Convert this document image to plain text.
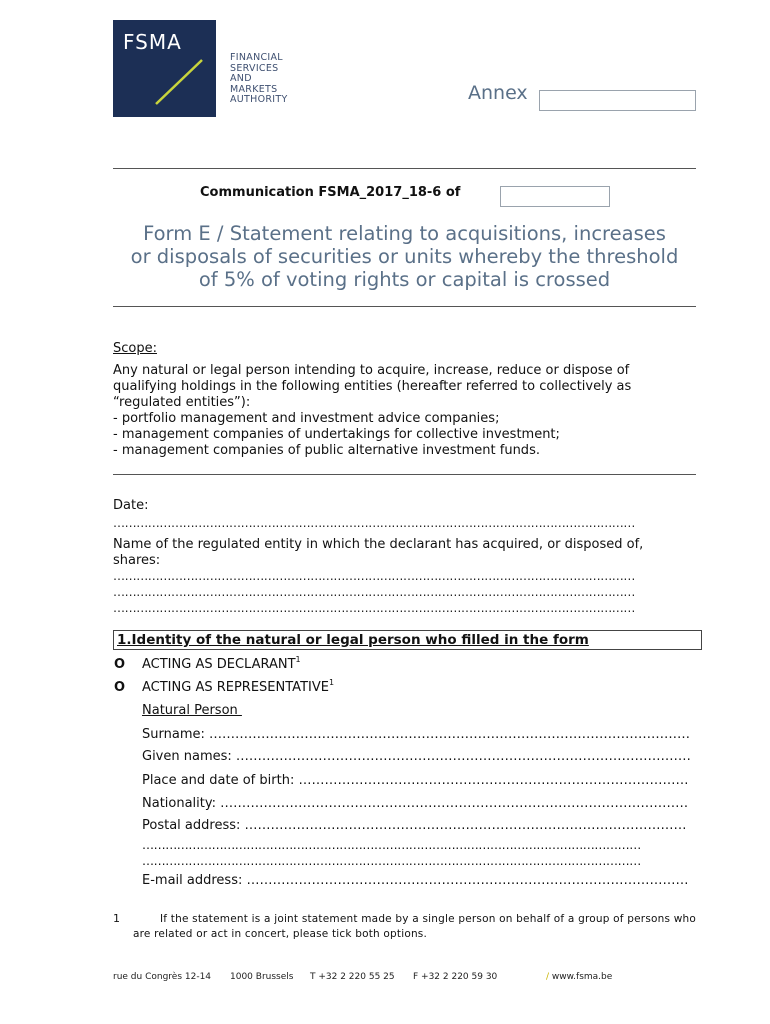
FSMA
FINANCIAL
SERVICES
AND
MARKETS
AUTHORITY	Annex
Communication FSMA_2017_18-6 of
Form E / Statement relating to acquisitions, increases
or disposals of securities or units whereby the threshold
of 5% of voting rights or capital is crossed
Scope:
Any natural or legal person intending to acquire, increase, reduce or dispose of
qualifying holdings in the following entities (hereafter referred to collectively as
“regulated entities”):
- portfolio management and investment advice companies;
- management companies of undertakings for collective investment;
- management companies of public alternative investment funds.
Date:
………………………………………………………………………………………………………………………
Name of the regulated entity in which the declarant has acquired, or disposed of,
shares:
………………………………………………………………………………………………………………………
………………………………………………………………………………………………………………………
………………………………………………………………………………………………………………………
1.Identity of the natural or legal person who filled in the form
O ACTING AS DECLARANT$^1$
O ACTING AS REPRESENTATIVE$^1$
Natural Person
Surname: …………………………………………………………………………………………………
Given names: ……………………………………………………………………………………………
Place and date of birth: ………………………………………………………………………………
Nationality: ………………………………………………………………………………………………
Postal address: …………………………………………………………………………………………
…………………………………………………………………………………………………………………
…………………………………………………………………………………………………………………
E-mail address: …………………………………………………………………………………………
1	If the statement is a joint statement made by a single person on behalf of a group of persons who are related or act in concert, please tick both options.
rue du Congrès 12-14 1000 Brussels T +32 2 220 55 25 F +32 2 220 59 30	/ www.fsma.be
